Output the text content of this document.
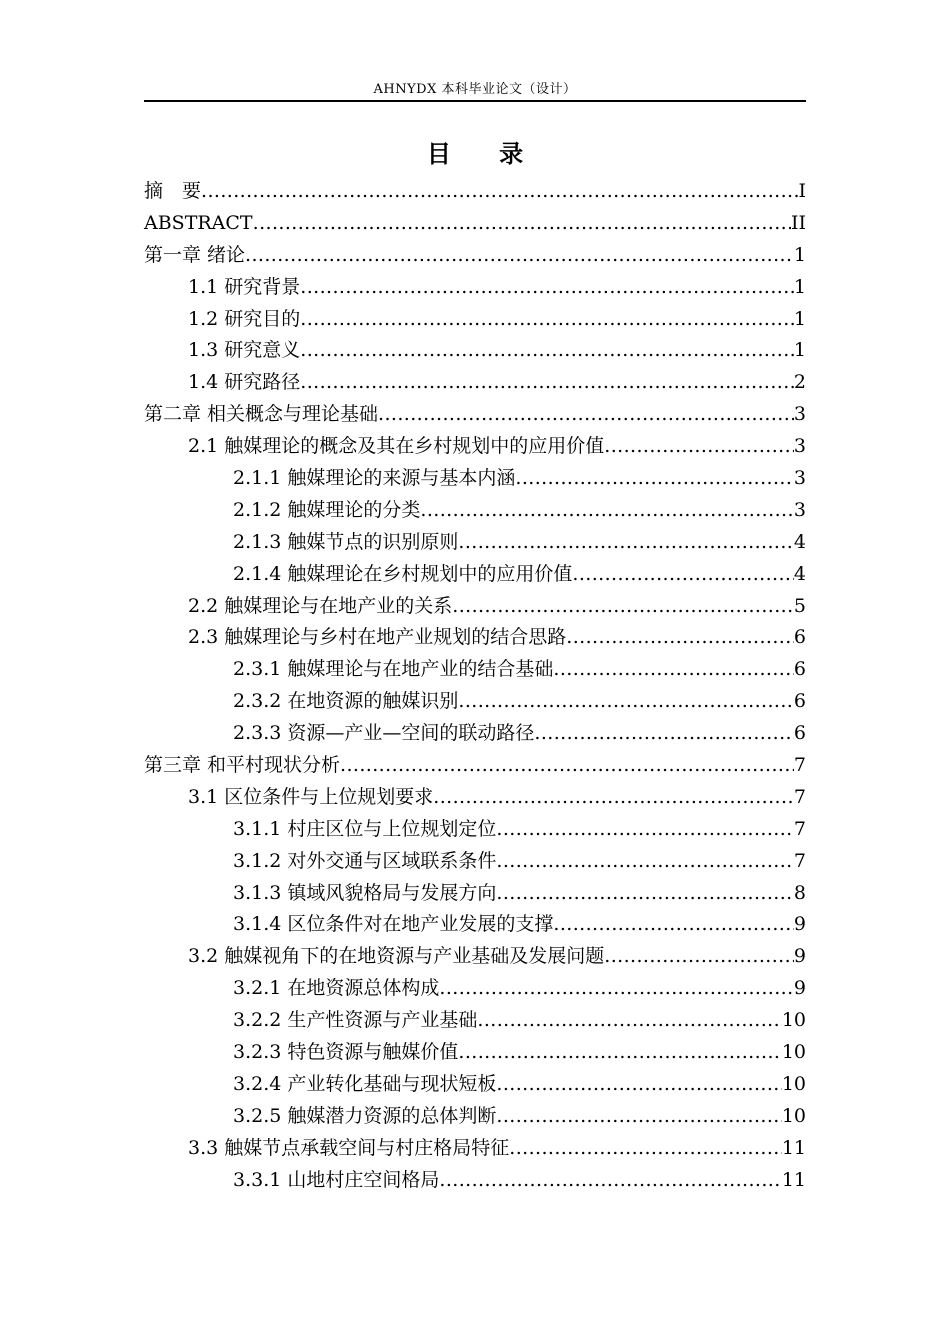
AHNYDX 本科毕业论文（设计）
目 录
摘　要 .....	I
ABSTRACT .....	II
第一章 绪论 .....	1
1.1 研究背景 .....	1
1.2 研究目的 .....	1
1.3 研究意义 .....	1
1.4 研究路径 .....	2
第二章 相关概念与理论基础 .....	3
2.1 触媒理论的概念及其在乡村规划中的应用价值 .....	3
2.1.1 触媒理论的来源与基本内涵 .....	3
2.1.2 触媒理论的分类 .....	3
2.1.3 触媒节点的识别原则 .....	4
2.1.4 触媒理论在乡村规划中的应用价值 .....	4
2.2 触媒理论与在地产业的关系 .....	5
2.3 触媒理论与乡村在地产业规划的结合思路 .....	6
2.3.1 触媒理论与在地产业的结合基础 .....	6
2.3.2 在地资源的触媒识别 .....	6
2.3.3 资源—产业—空间的联动路径 .....	6
第三章 和平村现状分析 .....	7
3.1 区位条件与上位规划要求 .....	7
3.1.1 村庄区位与上位规划定位 .....	7
3.1.2 对外交通与区域联系条件 .....	7
3.1.3 镇域风貌格局与发展方向 .....	8
3.1.4 区位条件对在地产业发展的支撑 .....	9
3.2 触媒视角下的在地资源与产业基础及发展问题 .....	9
3.2.1 在地资源总体构成 .....	9
3.2.2 生产性资源与产业基础 .....	10
3.2.3 特色资源与触媒价值 .....	10
3.2.4 产业转化基础与现状短板 .....	10
3.2.5 触媒潜力资源的总体判断 .....	10
3.3 触媒节点承载空间与村庄格局特征 .....	11
3.3.1 山地村庄空间格局 .....	11
